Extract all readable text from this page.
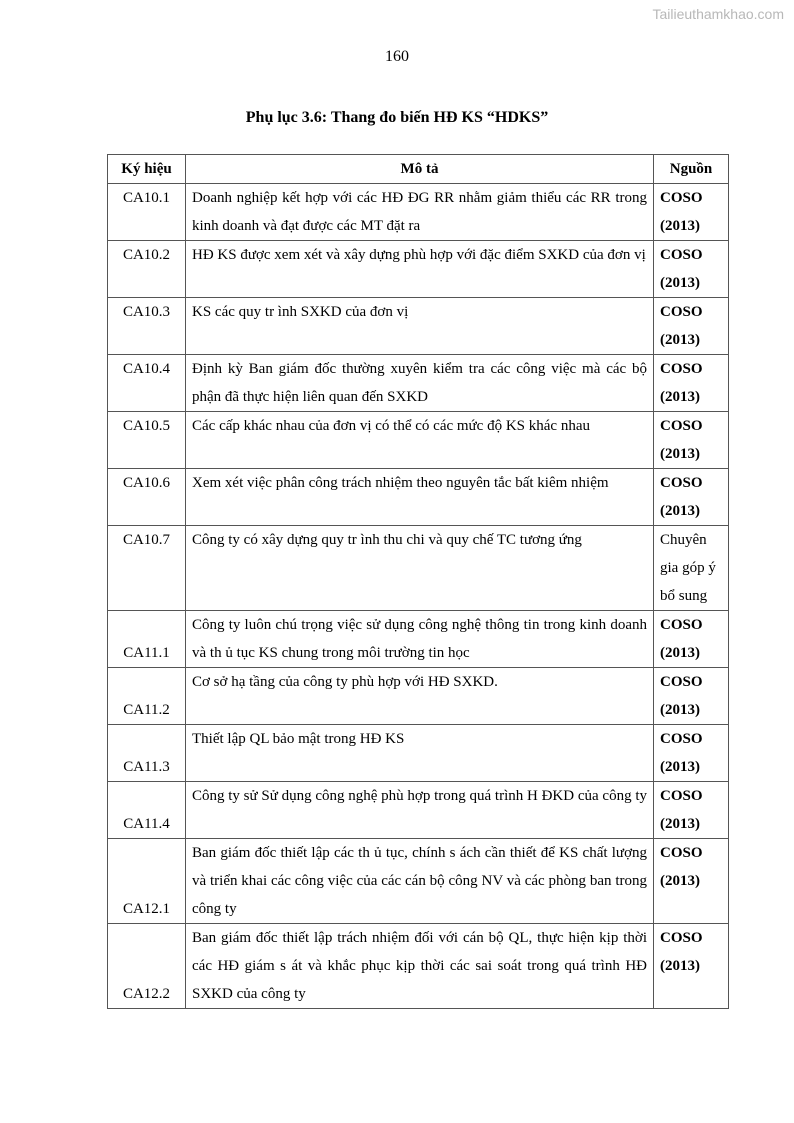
Tailieuthamkhao.com
160
Phụ lục 3.6: Thang đo biến HĐ KS “HDKS”
Ký hiệu	Mô tả	Nguồn
CA10.1	Doanh nghiệp kết hợp với các HĐ ĐG RR nhằm giảm thiểu các RR trong kinh doanh và đạt được các MT đặt ra	COSO (2013)
CA10.2	HĐ KS được xem xét và xây dựng phù hợp với đặc điểm SXKD của đơn vị	COSO (2013)
CA10.3	KS các quy tr ình SXKD của đơn vị	COSO (2013)
CA10.4	Định kỳ Ban giám đốc thường xuyên kiểm tra các công việc mà các bộ phận đã thực hiện liên quan đến SXKD	COSO (2013)
CA10.5	Các cấp khác nhau của đơn vị có thể có các mức độ KS khác nhau	COSO (2013)
CA10.6	Xem xét việc phân công trách nhiệm theo nguyên tắc bất kiêm nhiệm	COSO (2013)
CA10.7	Công ty có xây dựng quy tr ình thu chi và quy chế TC tương ứng	Chuyên gia góp ý bổ sung
CA11.1	Công ty luôn chú trọng việc sử dụng công nghệ thông tin trong kinh doanh và th ủ tục KS chung trong môi trường tin học	COSO (2013)
CA11.2	Cơ sở hạ tầng của công ty phù hợp với HĐ SXKD.	COSO (2013)
CA11.3	Thiết lập QL bảo mật trong HĐ KS	COSO (2013)
CA11.4	Công ty sử Sử dụng công nghệ phù hợp trong quá trình H ĐKD của công ty	COSO (2013)
CA12.1	Ban giám đốc thiết lập các th ủ tục, chính s ách cần thiết để KS chất lượng và triển khai các công việc của các cán bộ công NV và các phòng ban trong công ty	COSO (2013)
CA12.2	Ban giám đốc thiết lập trách nhiệm đối với cán bộ QL, thực hiện kịp thời các HĐ giám s át và khắc phục kịp thời các sai soát trong quá trình HĐ SXKD của công ty	COSO (2013)
